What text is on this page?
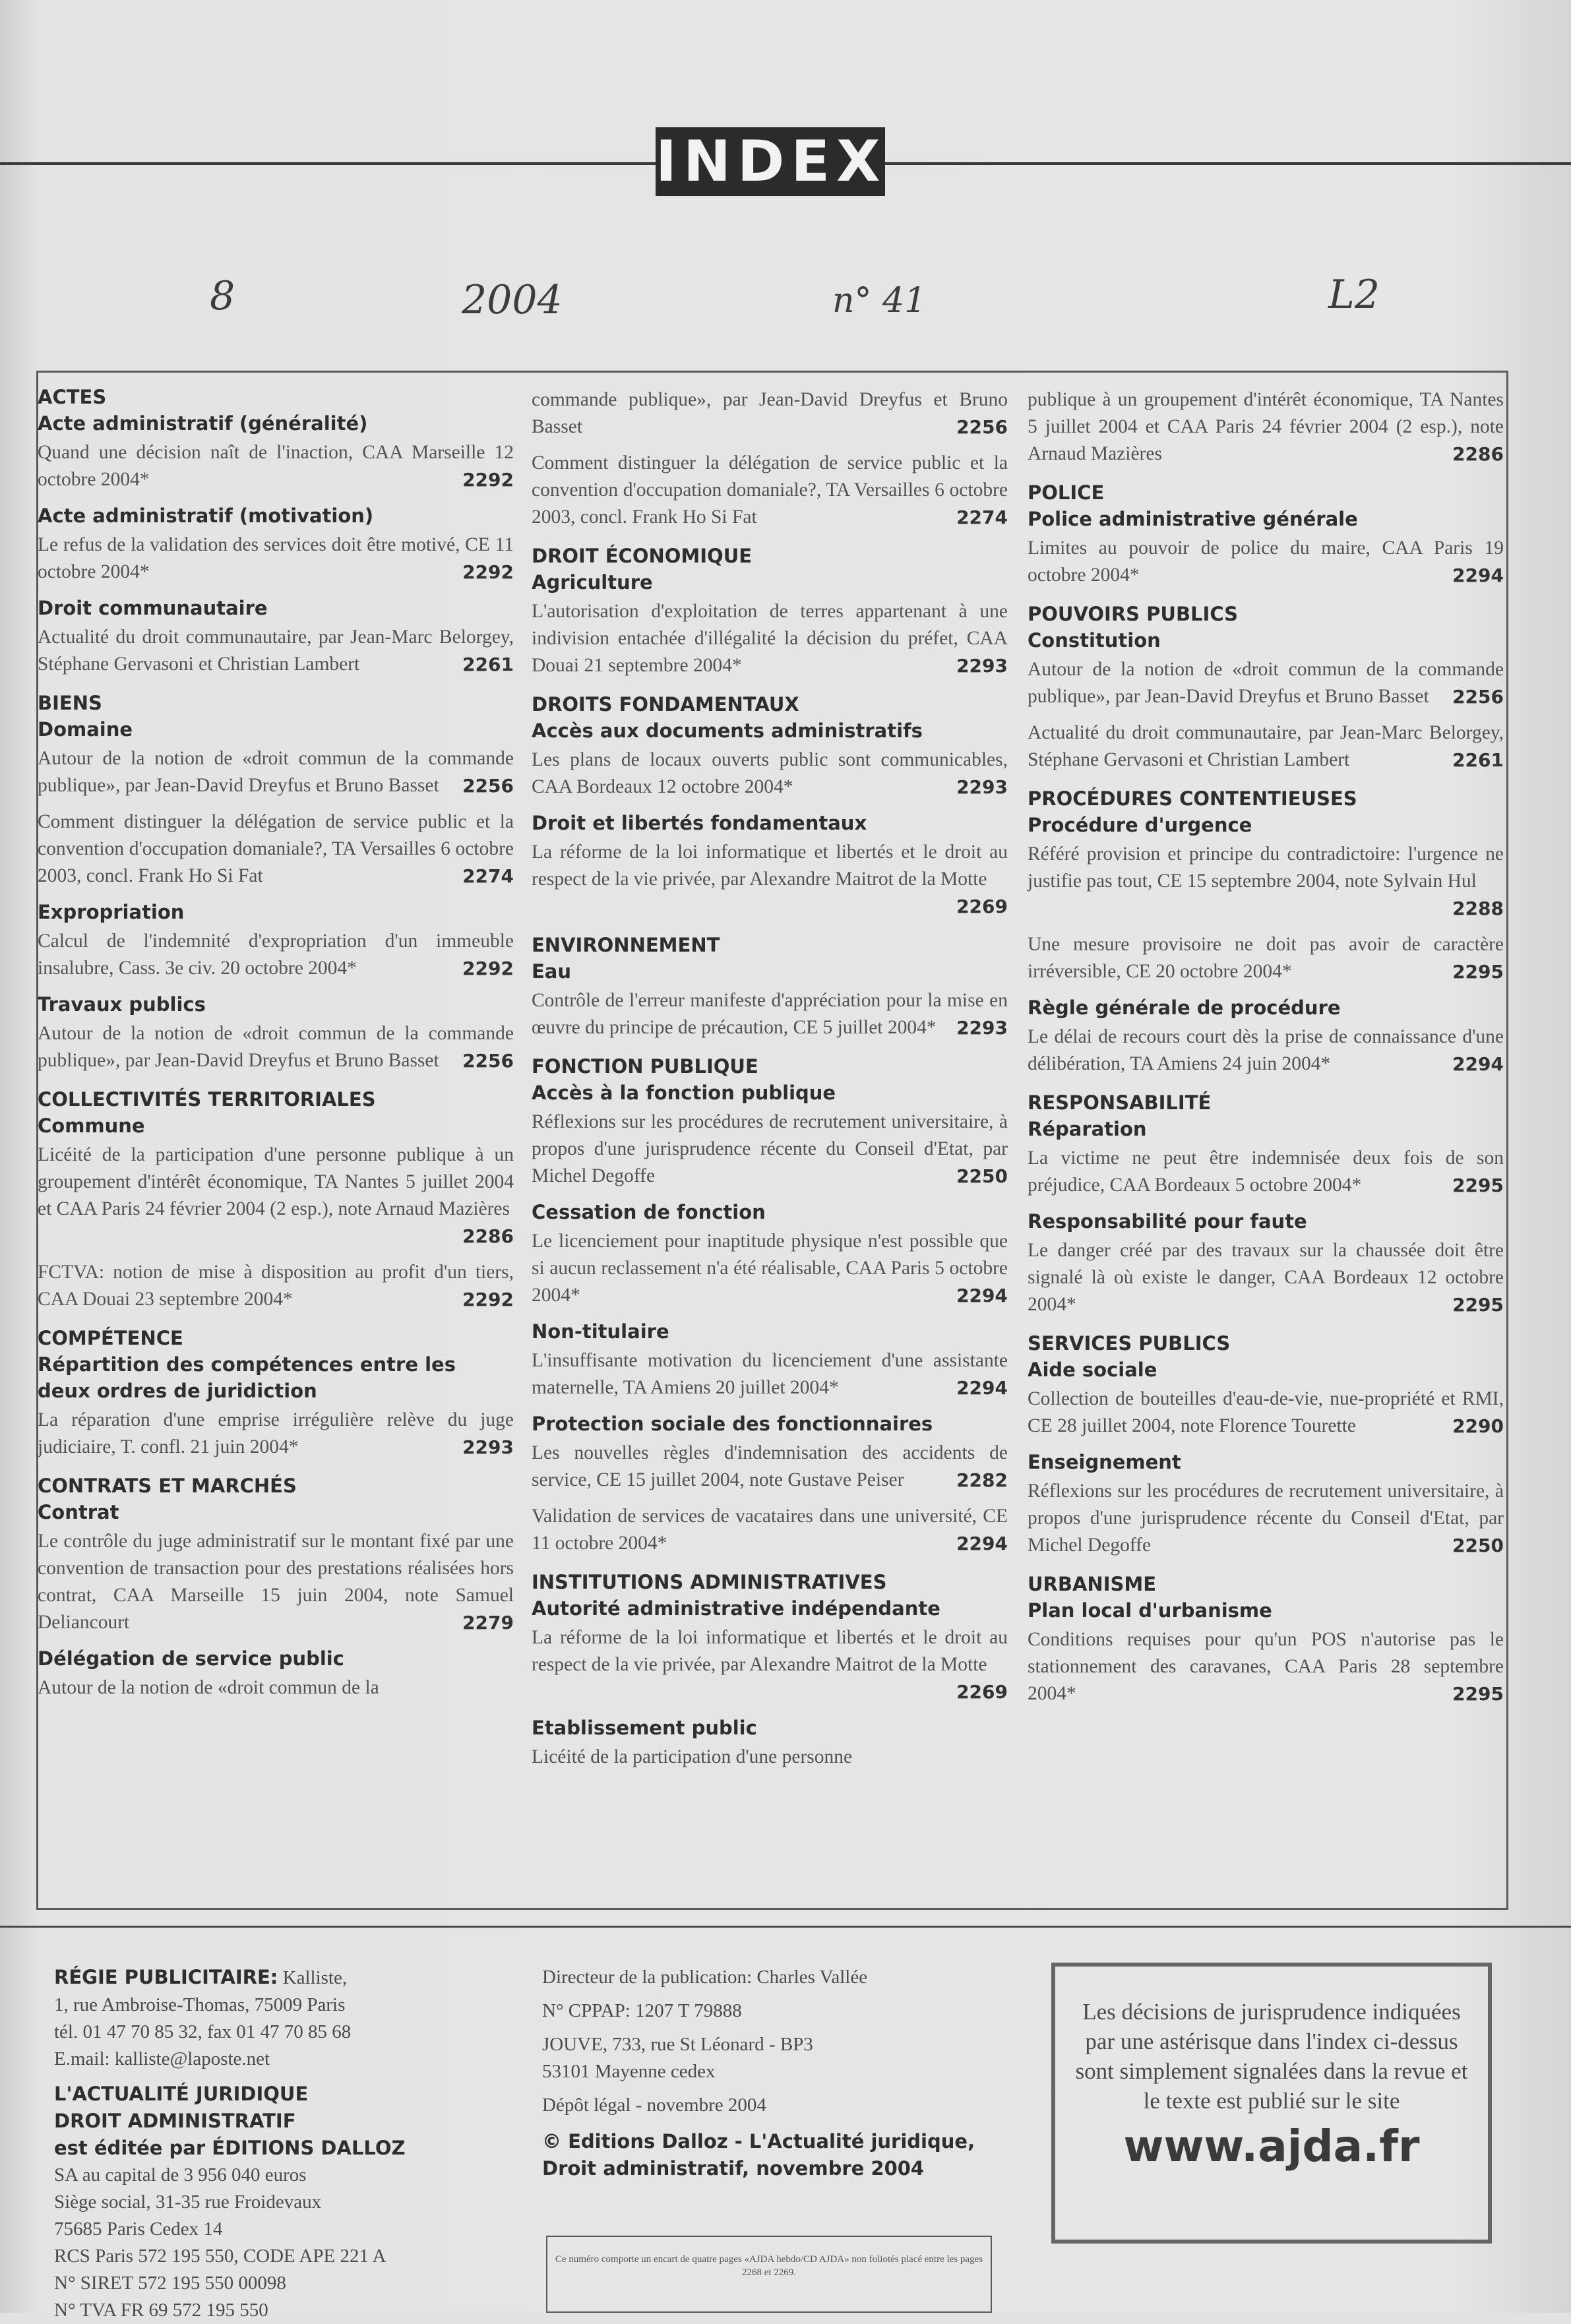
INDEX
8	2004	n° 41	L2
ACTES
Acte administratif (généralité)
Quand une décision naît de l'inaction, CAA Marseille 12 octobre 2004*	2292
Acte administratif (motivation)
Le refus de la validation des services doit être motivé, CE 11 octobre 2004*	2292
Droit communautaire
Actualité du droit communautaire, par Jean-Marc Belorgey, Stéphane Gervasoni et Christian Lambert	2261
BIENS
Domaine
Autour de la notion de «droit commun de la commande publique», par Jean-David Dreyfus et Bruno Basset 2256
Comment distinguer la délégation de service public et la convention d'occupation domaniale?, TA Versailles 6 octobre 2003, concl. Frank Ho Si Fat	2274
Expropriation
Calcul de l'indemnité d'expropriation d'un immeuble insalubre, Cass. 3e civ. 20 octobre 2004*	2292
Travaux publics
Autour de la notion de «droit commun de la commande publique», par Jean-David Dreyfus et Bruno Basset 2256
COLLECTIVITÉS TERRITORIALES
Commune
Licéité de la participation d'une personne publique à un groupement d'intérêt économique, TA Nantes 5 juillet 2004 et CAA Paris 24 février 2004 (2 esp.), note Arnaud Mazières
2286
FCTVA: notion de mise à disposition au profit d'un tiers, CAA Douai 23 septembre 2004*	2292
COMPÉTENCE
Répartition des compétences entre les deux ordres de juridiction
La réparation d'une emprise irrégulière relève du juge judiciaire, T. confl. 21 juin 2004*	2293
CONTRATS ET MARCHÉS
Contrat
Le contrôle du juge administratif sur le montant fixé par une convention de transaction pour des prestations réalisées hors contrat, CAA Marseille 15 juin 2004, note Samuel Deliancourt	2279
Délégation de service public
Autour de la notion de «droit commun de la
commande publique», par Jean-David Dreyfus et Bruno Basset	2256
Comment distinguer la délégation de service public et la convention d'occupation domaniale?, TA Versailles 6 octobre 2003, concl. Frank Ho Si Fat	2274
DROIT ÉCONOMIQUE
Agriculture
L'autorisation d'exploitation de terres appartenant à une indivision entachée d'illégalité la décision du préfet, CAA Douai 21 septembre 2004*	2293
DROITS FONDAMENTAUX
Accès aux documents administratifs
Les plans de locaux ouverts public sont communicables, CAA Bordeaux 12 octobre 2004*	2293
Droit et libertés fondamentaux
La réforme de la loi informatique et libertés et le droit au respect de la vie privée, par Alexandre Maitrot de la Motte
2269
ENVIRONNEMENT
Eau
Contrôle de l'erreur manifeste d'appréciation pour la mise en œuvre du principe de précaution, CE 5 juillet 2004* 2293
FONCTION PUBLIQUE
Accès à la fonction publique
Réflexions sur les procédures de recrutement universitaire, à propos d'une jurisprudence récente du Conseil d'Etat, par Michel Degoffe	2250
Cessation de fonction
Le licenciement pour inaptitude physique n'est possible que si aucun reclassement n'a été réalisable, CAA Paris 5 octobre 2004*	2294
Non-titulaire
L'insuffisante motivation du licenciement d'une assistante maternelle, TA Amiens 20 juillet 2004*	2294
Protection sociale des fonctionnaires
Les nouvelles règles d'indemnisation des accidents de service, CE 15 juillet 2004, note Gustave Peiser	2282
Validation de services de vacataires dans une université, CE 11 octobre 2004*	2294
INSTITUTIONS ADMINISTRATIVES
Autorité administrative indépendante
La réforme de la loi informatique et libertés et le droit au respect de la vie privée, par Alexandre Maitrot de la Motte
2269
Etablissement public
Licéité de la participation d'une personne
publique à un groupement d'intérêt économique, TA Nantes 5 juillet 2004 et CAA Paris 24 février 2004 (2 esp.), note Arnaud Mazières	2286
POLICE
Police administrative générale
Limites au pouvoir de police du maire, CAA Paris 19 octobre 2004*	2294
POUVOIRS PUBLICS
Constitution
Autour de la notion de «droit commun de la commande publique», par Jean-David Dreyfus et Bruno Basset 2256
Actualité du droit communautaire, par Jean-Marc Belorgey, Stéphane Gervasoni et Christian Lambert	2261
PROCÉDURES CONTENTIEUSES
Procédure d'urgence
Référé provision et principe du contradictoire: l'urgence ne justifie pas tout, CE 15 septembre 2004, note Sylvain Hul
2288
Une mesure provisoire ne doit pas avoir de caractère irréversible, CE 20 octobre 2004*	2295
Règle générale de procédure
Le délai de recours court dès la prise de connaissance d'une délibération, TA Amiens 24 juin 2004*	2294
RESPONSABILITÉ
Réparation
La victime ne peut être indemnisée deux fois de son préjudice, CAA Bordeaux 5 octobre 2004*	2295
Responsabilité pour faute
Le danger créé par des travaux sur la chaussée doit être signalé là où existe le danger, CAA Bordeaux 12 octobre 2004*	2295
SERVICES PUBLICS
Aide sociale
Collection de bouteilles d'eau-de-vie, nue-propriété et RMI, CE 28 juillet 2004, note Florence Tourette	2290
Enseignement
Réflexions sur les procédures de recrutement universitaire, à propos d'une jurisprudence récente du Conseil d'Etat, par Michel Degoffe	2250
URBANISME
Plan local d'urbanisme
Conditions requises pour qu'un POS n'autorise pas le stationnement des caravanes, CAA Paris 28 septembre 2004*	2295
RÉGIE PUBLICITAIRE: Kalliste,
1, rue Ambroise-Thomas, 75009 Paris
tél. 01 47 70 85 32, fax 01 47 70 85 68
E.mail: kalliste@laposte.net
L'ACTUALITÉ JURIDIQUE
DROIT ADMINISTRATIF
est éditée par ÉDITIONS DALLOZ
SA au capital de 3 956 040 euros
Siège social, 31-35 rue Froidevaux
75685 Paris Cedex 14
RCS Paris 572 195 550, CODE APE 221 A
N° SIRET 572 195 550 00098
N° TVA FR 69 572 195 550
Directeur de la publication: Charles Vallée
N° CPPAP: 1207 T 79888
JOUVE, 733, rue St Léonard - BP3
53101 Mayenne cedex
Dépôt légal - novembre 2004
© Editions Dalloz - L'Actualité juridique, Droit administratif, novembre 2004
Les décisions de jurisprudence indiquées par une astérisque dans l'index ci-dessus sont simplement signalées dans la revue et le texte est publié sur le site
www.ajda.fr
Ce numéro comporte un encart de quatre pages «AJDA hebdo/CD AJDA» non foliotés placé entre les pages 2268 et 2269.
